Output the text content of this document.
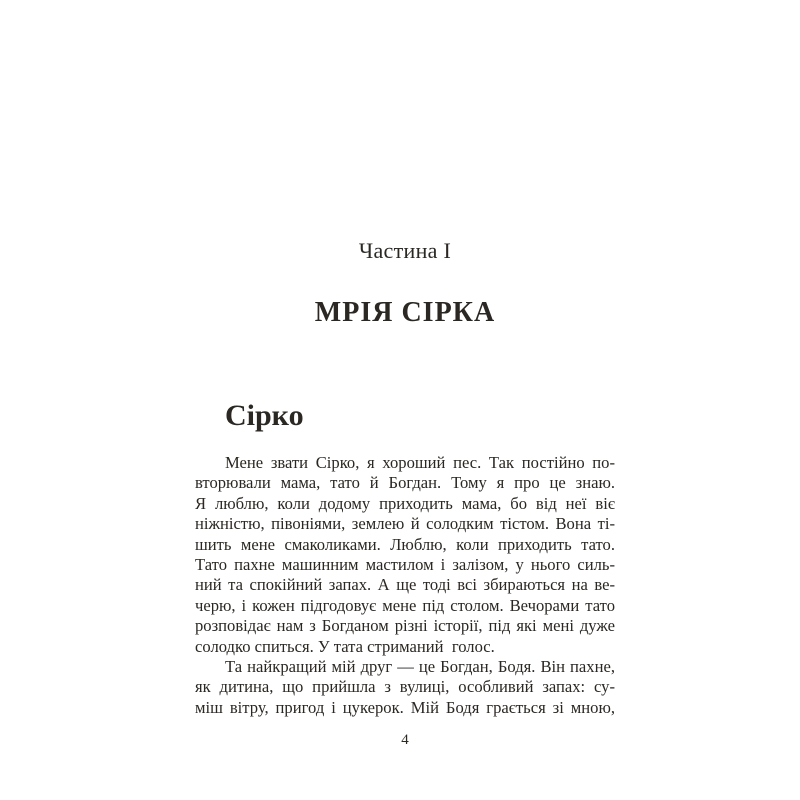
Частина I
МРІЯ СІРКА
Сірко
Мене звати Сірко, я хороший пес. Так постійно по-
вторювали мама, тато й Богдан. Тому я про це знаю.
Я люблю, коли додому приходить мама, бо від неї віє
ніжністю, півоніями, землею й солодким тістом. Вона ті-
шить мене смаколиками. Люблю, коли приходить тато.
Тато пахне машинним мастилом і залізом, у нього силь-
ний та спокійний запах. А ще тоді всі збираються на ве-
черю, і кожен підгодовує мене під столом. Вечорами тато
розповідає нам з Богданом різні історії, під які мені дуже
солодко спиться. У тата стриманий  голос.
Та найкращий мій друг — це Богдан, Бодя. Він пахне,
як дитина, що прийшла з вулиці, особливий запах: су-
міш вітру, пригод і цукерок. Мій Бодя грається зі мною,
4
